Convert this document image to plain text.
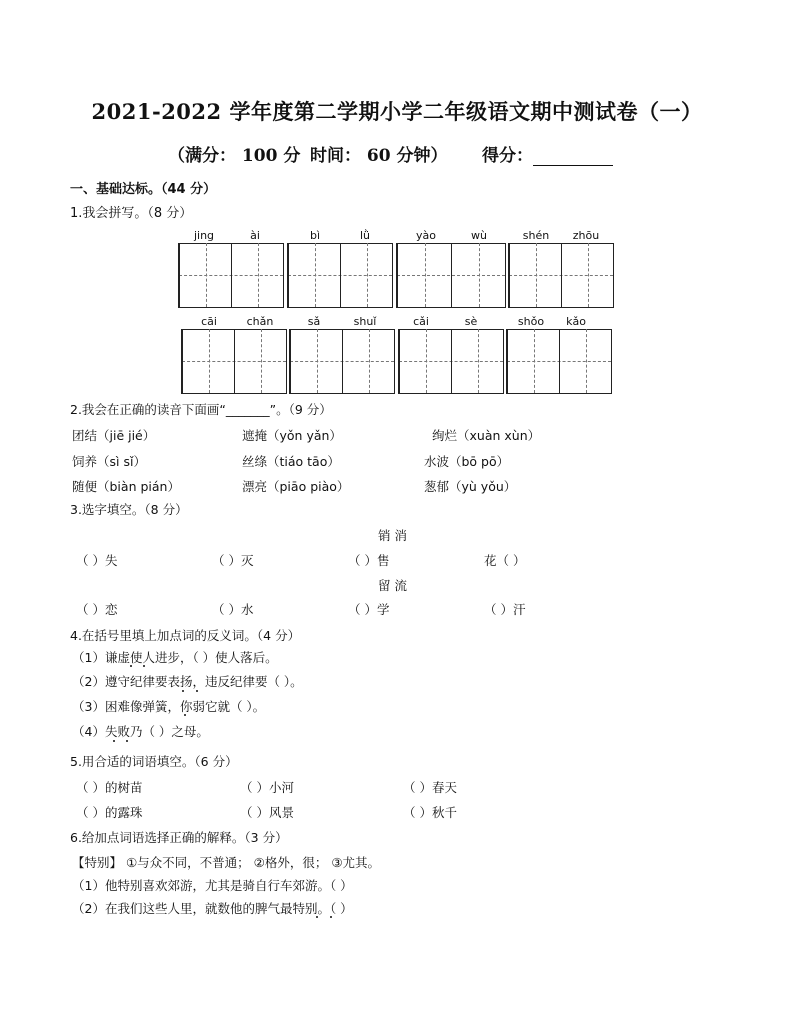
2021-2022 学年度第二学期小学二年级语文期中测试卷（一）
（满分： 100 分 时间： 60 分钟） 得分：
一、基础达标。（44 分）
1.我会拼写。（8 分）
jing	ài	bì	lǜ	yào	wù	shén	zhōu
cāi	chǎn	sǎ	shuǐ	cǎi	sè	shǒo	kǎo
2.我会在正确的读音下面画“_______”。（9 分）
团结（jiē jié）	遮掩（yǒn yǎn）	绚烂（xuàn xùn）
饲养（sì sǐ）	丝绦（tiáo tāo）	水波（bō pō）
随便（biàn pián）	漂亮（piāo piào）	葱郁（yù yǒu）
3.选字填空。（8 分）
销 消
（ ）失	（ ）灭	（ ）售	花（ ）
留 流
（ ）恋	（ ）水	（ ）学	（ ）汗
4.在括号里填上加点词的反义词。（4 分）
（1）谦虚使人进步，（ ）使人落后。
（2）遵守纪律要表扬，违反纪律要（ ）。
（3）困难像弹簧，你弱它就（ ）。
（4）失败乃（ ）之母。
5.用合适的词语填空。（6 分）
（ ）的树苗	（ ）小河	（ ）春天
（ ）的露珠	（ ）风景	（ ）秋千
6.给加点词语选择正确的解释。（3 分）
【特别】 ①与众不同，不普通； ②格外，很； ③尤其。
（1）他特别喜欢郊游，尤其是骑自行车郊游。（ ）
（2）在我们这些人里，就数他的脾气最特别。（ ）
